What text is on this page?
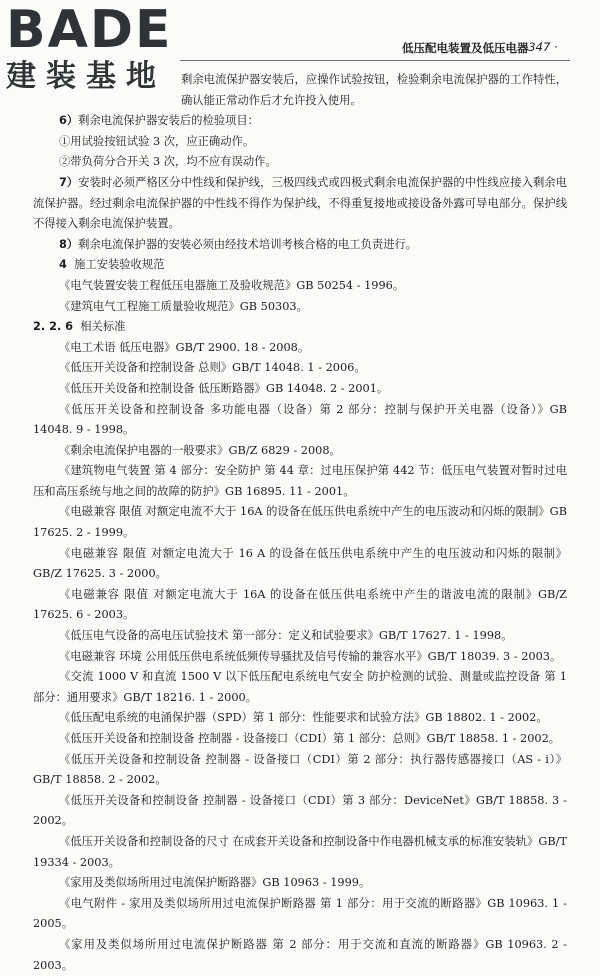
BADE
建装基地
低压配电装置及低压电器
· 347 ·

剩余电流保护器安装后，应操作试验按钮，检验剩余电流保护器的工作特性，确认能正常动作后才允许投入使用。

6）剩余电流保护器安装后的检验项目：

①用试验按钮试验 3 次，应正确动作。

②带负荷分合开关 3 次，均不应有误动作。

7）安装时必须严格区分中性线和保护线，三极四线式或四极式剩余电流保护器的中性线应接入剩余电流保护器。经过剩余电流保护器的中性线不得作为保护线，不得重复接地或接设备外露可导电部分。保护线不得接入剩余电流保护装置。

8）剩余电流保护器的安装必须由经技术培训考核合格的电工负责进行。

4 施工安装验收规范

《电气装置安装工程低压电器施工及验收规范》GB 50254 - 1996。

《建筑电气工程施工质量验收规范》GB 50303。

2. 2. 6 相关标准

《电工术语 低压电器》GB/T 2900. 18 - 2008。

《低压开关设备和控制设备 总则》GB/T 14048. 1 - 2006。

《低压开关设备和控制设备 低压断路器》GB 14048. 2 - 2001。

《低压开关设备和控制设备 多功能电器（设备）第 2 部分：控制与保护开关电器（设备）》GB 14048. 9 - 1998。

《剩余电流保护电器的一般要求》GB/Z 6829 - 2008。

《建筑物电气装置 第 4 部分：安全防护 第 44 章：过电压保护第 442 节：低压电气装置对暂时过电压和高压系统与地之间的故障的防护》GB 16895. 11 - 2001。

《电磁兼容 限值 对额定电流不大于 16A 的设备在低压供电系统中产生的电压波动和闪烁的限制》GB 17625. 2 - 1999。

《电磁兼容 限值 对额定电流大于 16 A 的设备在低压供电系统中产生的电压波动和闪烁的限制》GB/Z 17625. 3 - 2000。

《电磁兼容 限值 对额定电流大于 16A 的设备在低压供电系统中产生的谐波电流的限制》GB/Z 17625. 6 - 2003。

《低压电气设备的高电压试验技术 第一部分：定义和试验要求》GB/T 17627. 1 - 1998。

《电磁兼容 环境 公用低压供电系统低频传导骚扰及信号传输的兼容水平》GB/T 18039. 3 - 2003。

《交流 1000 V 和直流 1500 V 以下低压配电系统电气安全 防护检测的试验、测量或监控设备 第 1 部分：通用要求》GB/T 18216. 1 - 2000。

《低压配电系统的电涌保护器（SPD）第 1 部分：性能要求和试验方法》GB 18802. 1 - 2002。

《低压开关设备和控制设备 控制器 - 设备接口（CDI）第 1 部分：总则》GB/T 18858. 1 - 2002。

《低压开关设备和控制设备 控制器 - 设备接口（CDI）第 2 部分：执行器传感器接口（AS - i）》GB/T 18858. 2 - 2002。

《低压开关设备和控制设备 控制器 - 设备接口（CDI）第 3 部分：DeviceNet》GB/T 18858. 3 - 2002。

《低压开关设备和控制设备的尺寸 在成套开关设备和控制设备中作电器机械支承的标准安装轨》GB/T 19334 - 2003。

《家用及类似场所用过电流保护断路器》GB 10963 - 1999。

《电气附件 - 家用及类似场所用过电流保护断路器 第 1 部分：用于交流的断路器》GB 10963. 1 - 2005。

《家用及类似场所用过电流保护断路器 第 2 部分：用于交流和直流的断路器》GB 10963. 2 - 2003。
